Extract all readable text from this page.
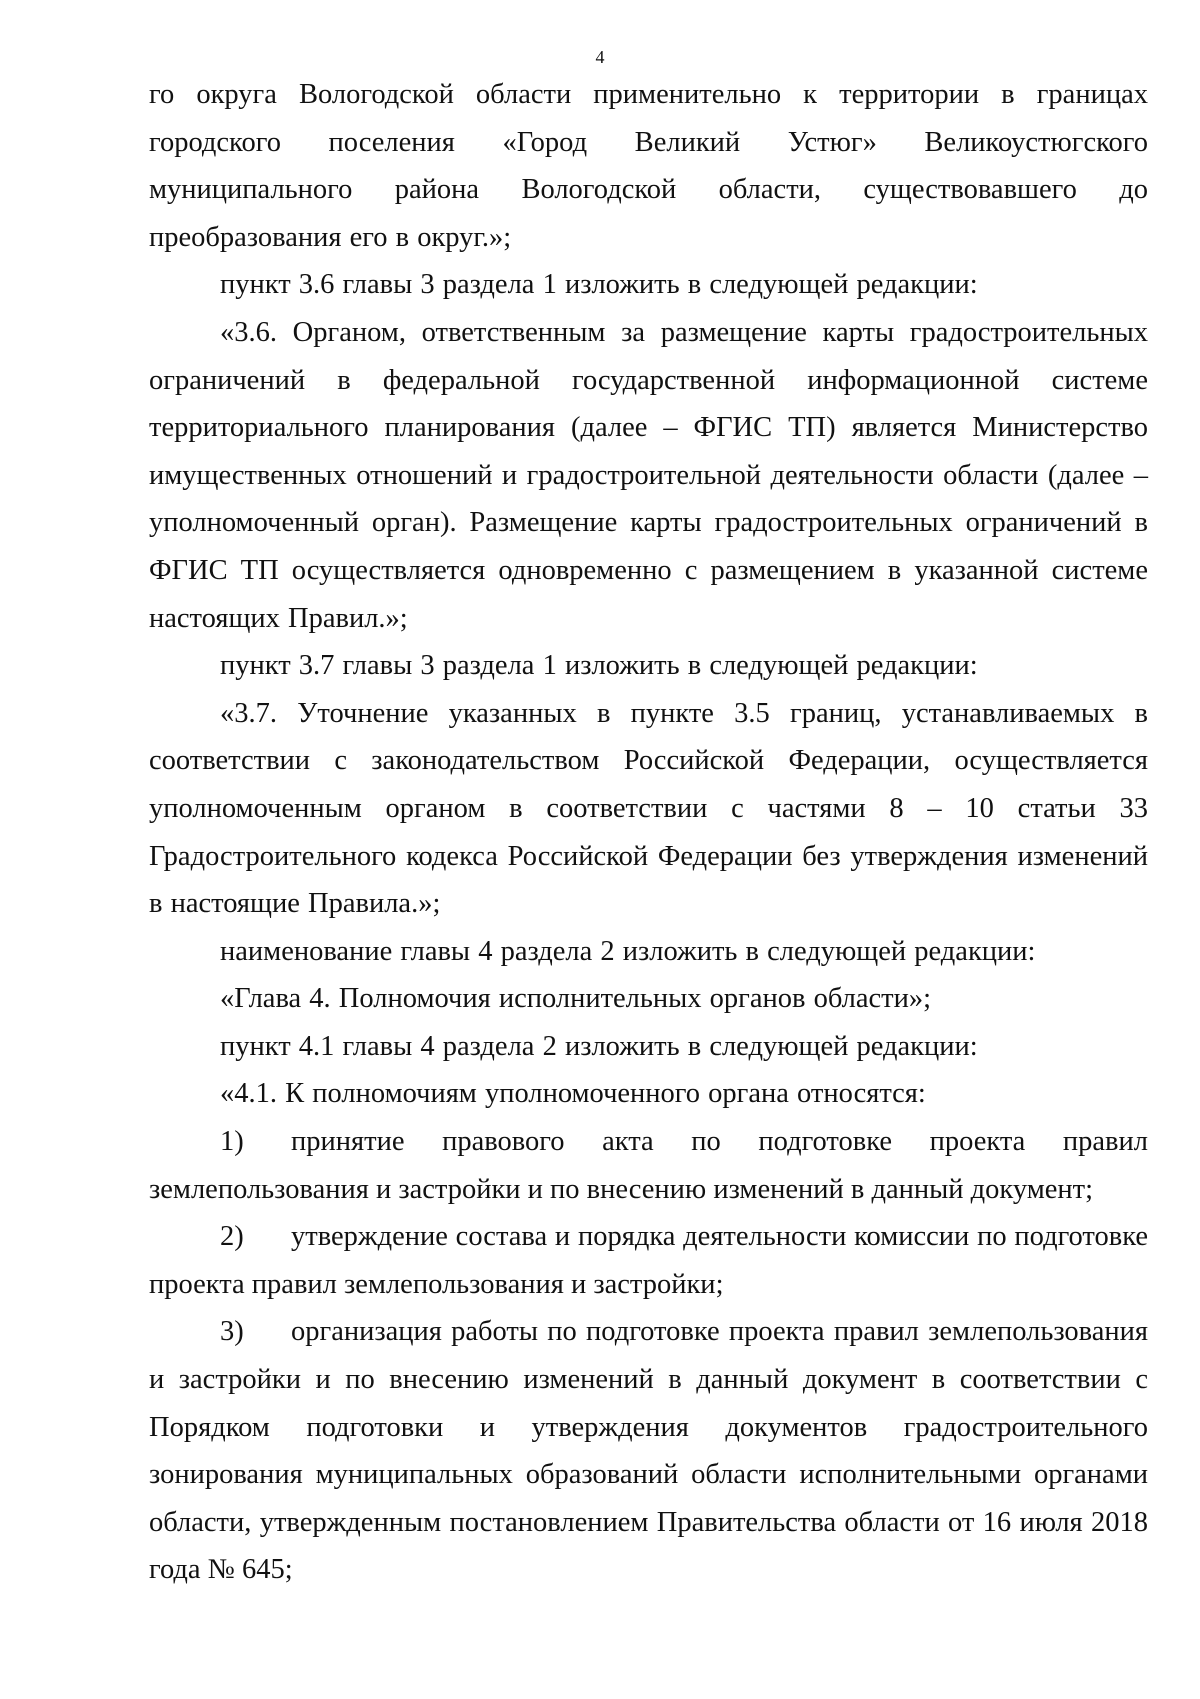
4

го округа Вологодской области применительно к территории в границах городского поселения «Город Великий Устюг» Великоустюгского муниципального района Вологодской области, существовавшего до преобразования его в округ.»;

пункт 3.6 главы 3 раздела 1 изложить в следующей редакции:

«3.6. Органом, ответственным за размещение карты градостроительных ограничений в федеральной государственной информационной системе территориального планирования (далее – ФГИС ТП) является Министерство имущественных отношений и градостроительной деятельности области (далее – уполномоченный орган). Размещение карты градостроительных ограничений в ФГИС ТП осуществляется одновременно с размещением в указанной системе настоящих Правил.»;

пункт 3.7 главы 3 раздела 1 изложить в следующей редакции:

«3.7. Уточнение указанных в пункте 3.5 границ, устанавливаемых в соответствии с законодательством Российской Федерации, осуществляется уполномоченным органом в соответствии с частями 8 – 10 статьи 33 Градостроительного кодекса Российской Федерации без утверждения изменений в настоящие Правила.»;

наименование главы 4 раздела 2 изложить в следующей редакции:

«Глава 4. Полномочия исполнительных органов области»;

пункт 4.1 главы 4 раздела 2 изложить в следующей редакции:

«4.1. К полномочиям уполномоченного органа относятся:

1) принятие правового акта по подготовке проекта правил землепользования и застройки и по внесению изменений в данный документ;

2) утверждение состава и порядка деятельности комиссии по подготовке проекта правил землепользования и застройки;

3) организация работы по подготовке проекта правил землепользования и застройки и по внесению изменений в данный документ в соответствии с Порядком подготовки и утверждения документов градостроительного зонирования муниципальных образований области исполнительными органами области, утвержденным постановлением Правительства области от 16 июля 2018 года № 645;
